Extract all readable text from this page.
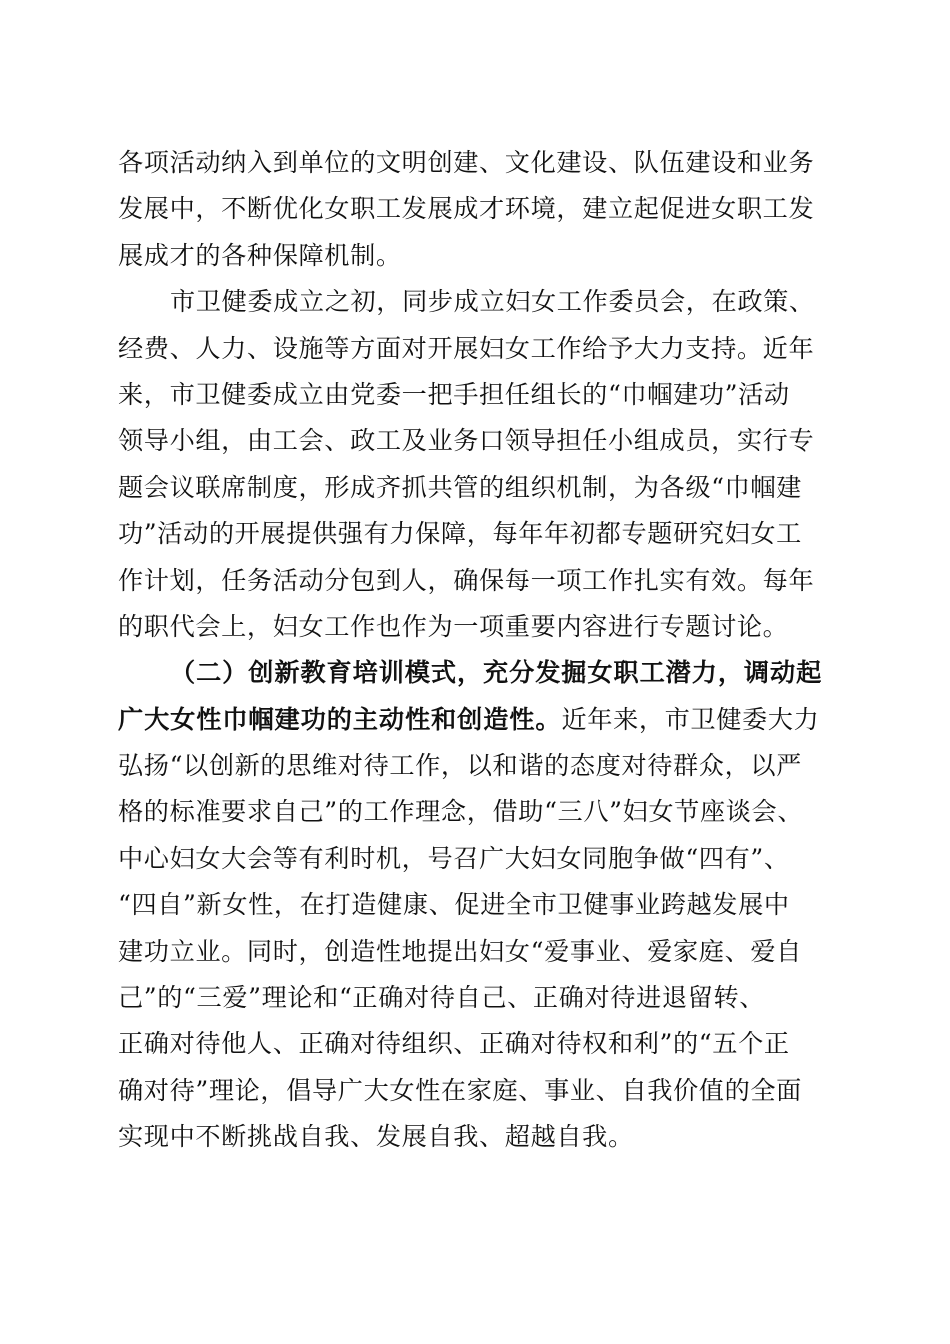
各项活动纳入到单位的文明创建、文化建设、队伍建设和业务
发展中，不断优化女职工发展成才环境，建立起促进女职工发
展成才的各种保障机制。
市卫健委成立之初，同步成立妇女工作委员会，在政策、
经费、人力、设施等方面对开展妇女工作给予大力支持。近年
来，市卫健委成立由党委一把手担任组长的“巾帼建功”活动
领导小组，由工会、政工及业务口领导担任小组成员，实行专
题会议联席制度，形成齐抓共管的组织机制，为各级“巾帼建
功”活动的开展提供强有力保障，每年年初都专题研究妇女工
作计划，任务活动分包到人，确保每一项工作扎实有效。每年
的职代会上，妇女工作也作为一项重要内容进行专题讨论。
（二）创新教育培训模式，充分发掘女职工潜力，调动起
广大女性巾帼建功的主动性和创造性。近年来，市卫健委大力
弘扬“以创新的思维对待工作，以和谐的态度对待群众，以严
格的标准要求自己”的工作理念，借助“三八”妇女节座谈会、
中心妇女大会等有利时机，号召广大妇女同胞争做“四有”、
“四自”新女性，在打造健康、促进全市卫健事业跨越发展中
建功立业。同时，创造性地提出妇女“爱事业、爱家庭、爱自
己”的“三爱”理论和“正确对待自己、正确对待进退留转、
正确对待他人、正确对待组织、正确对待权和利”的“五个正
确对待”理论，倡导广大女性在家庭、事业、自我价值的全面
实现中不断挑战自我、发展自我、超越自我。
